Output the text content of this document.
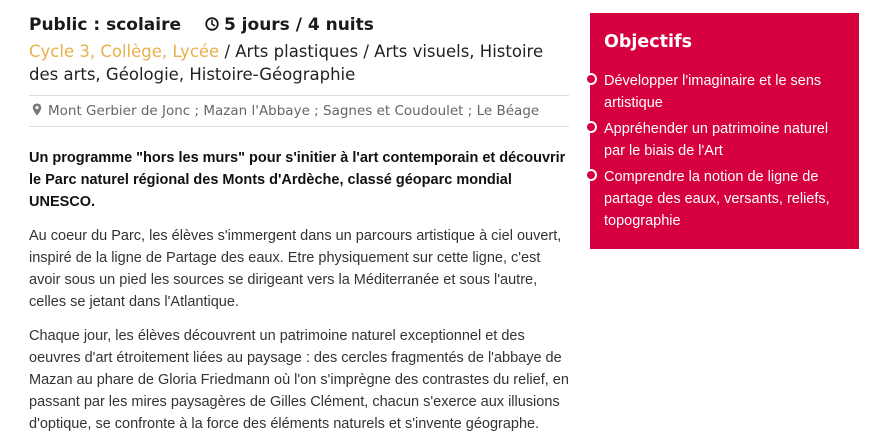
Public : scolaire	5 jours / 4 nuits
Cycle 3, Collège, Lycée / Arts plastiques / Arts visuels, Histoire des arts, Géologie, Histoire-Géographie
Mont Gerbier de Jonc ; Mazan l'Abbaye ; Sagnes et Coudoulet ; Le Béage

Un programme "hors les murs" pour s'initier à l'art contemporain et découvrir le Parc naturel régional des Monts d'Ardèche, classé géoparc mondial UNESCO.

Au coeur du Parc, les élèves s'immergent dans un parcours artistique à ciel ouvert, inspiré de la ligne de Partage des eaux. Etre physiquement sur cette ligne, c'est avoir sous un pied les sources se dirigeant vers la Méditerranée et sous l'autre, celles se jetant dans l'Atlantique.

Chaque jour, les élèves découvrent un patrimoine naturel exceptionnel et des oeuvres d'art étroitement liées au paysage : des cercles fragmentés de l'abbaye de Mazan au phare de Gloria Friedmann où l'on s'imprègne des contrastes du relief, en passant par les mires paysagères de Gilles Clément, chacun s'exerce aux illusions d'optique, se confronte à la force des éléments naturels et s'invente géographe.

Objectifs
Développer l'imaginaire et le sens artistique
Appréhender un patrimoine naturel par le biais de l'Art
Comprendre la notion de ligne de partage des eaux, versants, reliefs, topographie
